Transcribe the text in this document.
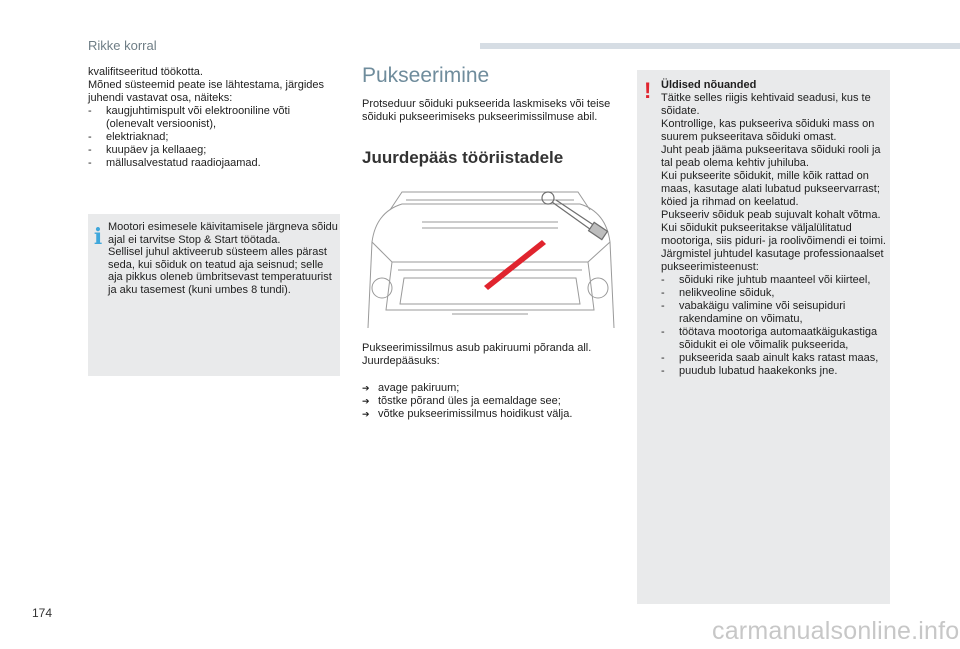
Rikke korral

kvalifitseeritud töökotta.
Mõned süsteemid peate ise lähtestama, järgides juhendi vastavat osa, näiteks:

- kaugjuhtimispult või elektrooniline võti (olenevalt versioonist),
- elektriaknad;
- kuupäev ja kellaaeg;
- mällusalvestatud raadiojaamad.
i Mootori esimesele käivitamisele järgneva sõidu ajal ei tarvitse Stop & Start töötada.
Sellisel juhul aktiveerub süsteem alles pärast seda, kui sõiduk on teatud aja seisnud; selle aja pikkus oleneb ümbritsevast temperatuurist ja aku tasemest (kuni umbes 8 tundi).
Pukseerimine

Protseduur sõiduki pukseerida laskmiseks või teise sõiduki pukseerimiseks pukseerimissilmuse abil.

Juurdepääs tööriistadele

Pukseerimissilmus asub pakiruumi põranda all.
Juurdepääsuks:

➔ avage pakiruum;
➔ tõstke põrand üles ja eemaldage see;
➔ võtke pukseerimissilmus hoidikust välja.
! Üldised nõuanded

Täitke selles riigis kehtivaid seadusi, kus te sõidate.
Kontrollige, kas pukseeriva sõiduki mass on suurem pukseeritava sõiduki omast.
Juht peab jääma pukseeritava sõiduki rooli ja tal peab olema kehtiv juhiluba.
Kui pukseerite sõidukit, mille kõik rattad on maas, kasutage alati lubatud pukseervarrast; köied ja rihmad on keelatud.
Pukseeriv sõiduk peab sujuvalt kohalt võtma.
Kui sõidukit pukseeritakse väljalülitatud mootoriga, siis piduri- ja roolivõimendi ei toimi.
Järgmistel juhtudel kasutage professionaalset pukseerimisteenust:

- sõiduki rike juhtub maanteel või kiirteel,
- nelikveoline sõiduk,
- vabakäigu valimine või seisupiduri rakendamine on võimatu,
- töötava mootoriga automaatkäigukastiga sõidukit ei ole võimalik pukseerida,
- pukseerida saab ainult kaks ratast maas,
- puudub lubatud haakekonks jne.
174
carmanualsonline.info
